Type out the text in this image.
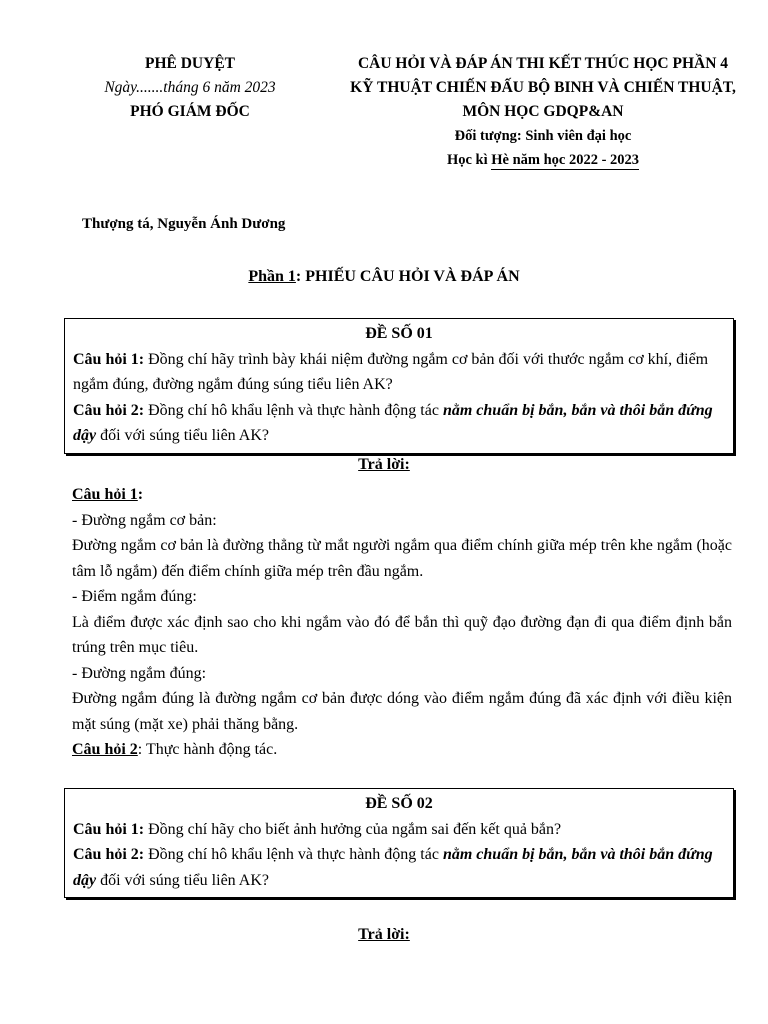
PHÊ DUYỆT
Ngày.......tháng 6 năm 2023
PHÓ GIÁM ĐỐC
CÂU HỎI VÀ ĐÁP ÁN THI KẾT THÚC HỌC PHẦN 4
KỸ THUẬT CHIẾN ĐẤU BỘ BINH VÀ CHIẾN THUẬT,
MÔN HỌC GDQP&AN
Đối tượng: Sinh viên đại học
Học kì Hè năm học 2022 - 2023
Thượng tá, Nguyễn Ánh Dương
Phần 1: PHIẾU CÂU HỎI VÀ ĐÁP ÁN
ĐỀ SỐ 01
Câu hỏi 1: Đồng chí hãy trình bày khái niệm đường ngắm cơ bản đối với thước ngắm cơ khí, điểm ngắm đúng, đường ngắm đúng súng tiểu liên AK?
Câu hỏi 2: Đồng chí hô khẩu lệnh và thực hành động tác nằm chuẩn bị bắn, bắn và thôi bắn đứng dậy đối với súng tiểu liên AK?
Trả lời:

Câu hỏi 1:

- Đường ngắm cơ bản:

Đường ngắm cơ bản là đường thẳng từ mắt người ngắm qua điểm chính giữa mép trên khe ngắm (hoặc tâm lỗ ngắm) đến điểm chính giữa mép trên đầu ngắm.

- Điểm ngắm đúng:

Là điểm được xác định sao cho khi ngắm vào đó để bắn thì quỹ đạo đường đạn đi qua điểm định bắn trúng trên mục tiêu.

- Đường ngắm đúng:

Đường ngắm đúng là đường ngắm cơ bản được dóng vào điểm ngắm đúng đã xác định với điều kiện mặt súng (mặt xe) phải thăng bằng.

Câu hỏi 2: Thực hành động tác.

ĐỀ SỐ 02
Câu hỏi 1: Đồng chí hãy cho biết ảnh hưởng của ngắm sai đến kết quả bắn?
Câu hỏi 2: Đồng chí hô khẩu lệnh và thực hành động tác nằm chuẩn bị bắn, bắn và thôi bắn đứng dậy đối với súng tiểu liên AK?
Trả lời:
